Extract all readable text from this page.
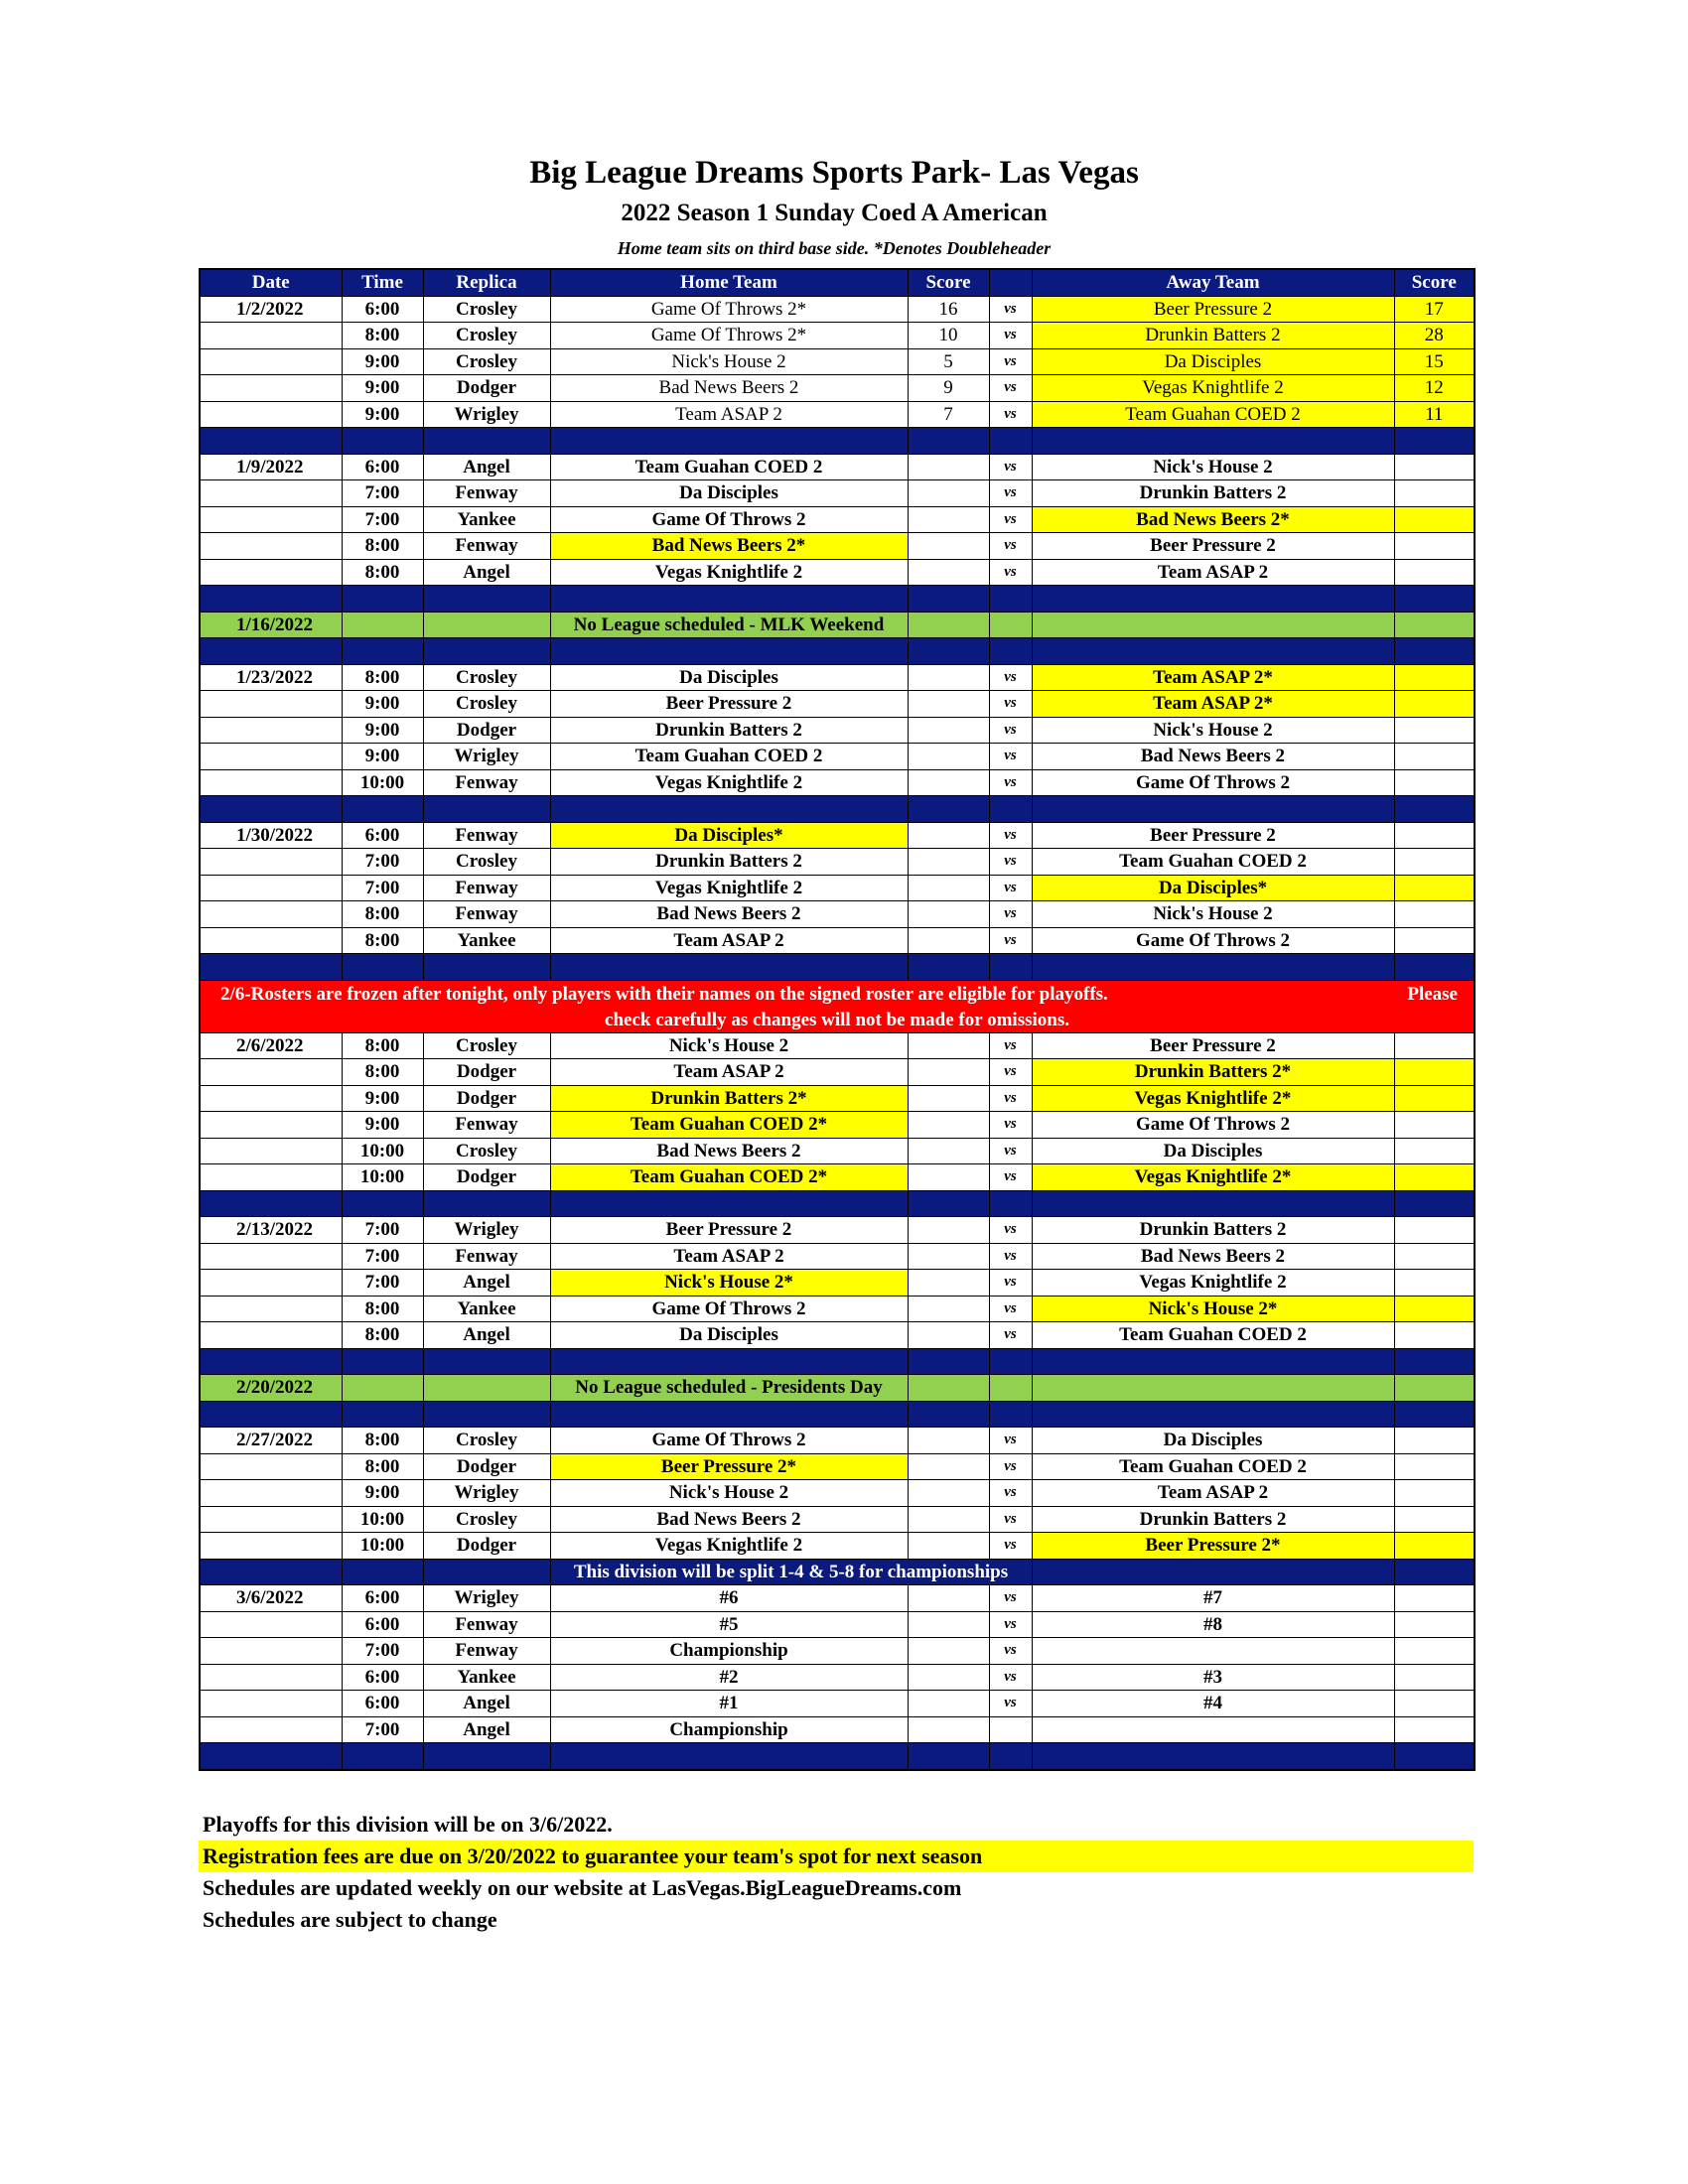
Big League Dreams Sports Park- Las Vegas
2022 Season 1 Sunday Coed A American
Home team sits on third base side. *Denotes Doubleheader
Date	Time	Replica	Home Team	Score		Away Team	Score
1/2/2022	6:00	Crosley	Game Of Throws 2*	16	vs	Beer Pressure 2	17
	8:00	Crosley	Game Of Throws 2*	10	vs	Drunkin Batters 2	28
	9:00	Crosley	Nick's House 2	5	vs	Da Disciples	15
	9:00	Dodger	Bad News Beers 2	9	vs	Vegas Knightlife 2	12
	9:00	Wrigley	Team ASAP 2	7	vs	Team Guahan COED 2	11

1/9/2022	6:00	Angel	Team Guahan COED 2		vs	Nick's House 2	
	7:00	Fenway	Da Disciples		vs	Drunkin Batters 2	
	7:00	Yankee	Game Of Throws 2		vs	Bad News Beers 2*	
	8:00	Fenway	Bad News Beers 2*		vs	Beer Pressure 2	
	8:00	Angel	Vegas Knightlife 2		vs	Team ASAP 2	

1/16/2022			No League scheduled - MLK Weekend				

1/23/2022	8:00	Crosley	Da Disciples		vs	Team ASAP 2*	
	9:00	Crosley	Beer Pressure 2		vs	Team ASAP 2*	
	9:00	Dodger	Drunkin Batters 2		vs	Nick's House 2	
	9:00	Wrigley	Team Guahan COED 2		vs	Bad News Beers 2	
	10:00	Fenway	Vegas Knightlife 2		vs	Game Of Throws 2	

1/30/2022	6:00	Fenway	Da Disciples*		vs	Beer Pressure 2	
	7:00	Crosley	Drunkin Batters 2		vs	Team Guahan COED 2	
	7:00	Fenway	Vegas Knightlife 2		vs	Da Disciples*	
	8:00	Fenway	Bad News Beers 2		vs	Nick's House 2	
	8:00	Yankee	Team ASAP 2		vs	Game Of Throws 2	

2/6-Rosters are frozen after tonight, only players with their names on the signed roster are eligible for playoffs. Please
check carefully as changes will not be made for omissions.							

2/6/2022	8:00	Crosley	Nick's House 2		vs	Beer Pressure 2	
	8:00	Dodger	Team ASAP 2		vs	Drunkin Batters 2*	
	9:00	Dodger	Drunkin Batters 2*		vs	Vegas Knightlife 2*	
	9:00	Fenway	Team Guahan COED 2*		vs	Game Of Throws 2	
	10:00	Crosley	Bad News Beers 2		vs	Da Disciples	
	10:00	Dodger	Team Guahan COED 2*		vs	Vegas Knightlife 2*	

2/13/2022	7:00	Wrigley	Beer Pressure 2		vs	Drunkin Batters 2	
	7:00	Fenway	Team ASAP 2		vs	Bad News Beers 2	
	7:00	Angel	Nick's House 2*		vs	Vegas Knightlife 2	
	8:00	Yankee	Game Of Throws 2		vs	Nick's House 2*	
	8:00	Angel	Da Disciples		vs	Team Guahan COED 2	

2/20/2022			No League scheduled - Presidents Day				

2/27/2022	8:00	Crosley	Game Of Throws 2		vs	Da Disciples	
	8:00	Dodger	Beer Pressure 2*		vs	Team Guahan COED 2	
	9:00	Wrigley	Nick's House 2		vs	Team ASAP 2	
	10:00	Crosley	Bad News Beers 2		vs	Drunkin Batters 2	
	10:00	Dodger	Vegas Knightlife 2		vs	Beer Pressure 2*	
			This division will be split 1-4 & 5-8 for championships				
3/6/2022	6:00	Wrigley	#6		vs	#7	
	6:00	Fenway	#5		vs	#8	
	7:00	Fenway	Championship		vs		
	6:00	Yankee	#2		vs	#3	
	6:00	Angel	#1		vs	#4	
	7:00	Angel	Championship				

Playoffs for this division will be on 3/6/2022.
Registration fees are due on 3/20/2022 to guarantee your team's spot for next season
Schedules are updated weekly on our website at LasVegas.BigLeagueDreams.com
Schedules are subject to change
